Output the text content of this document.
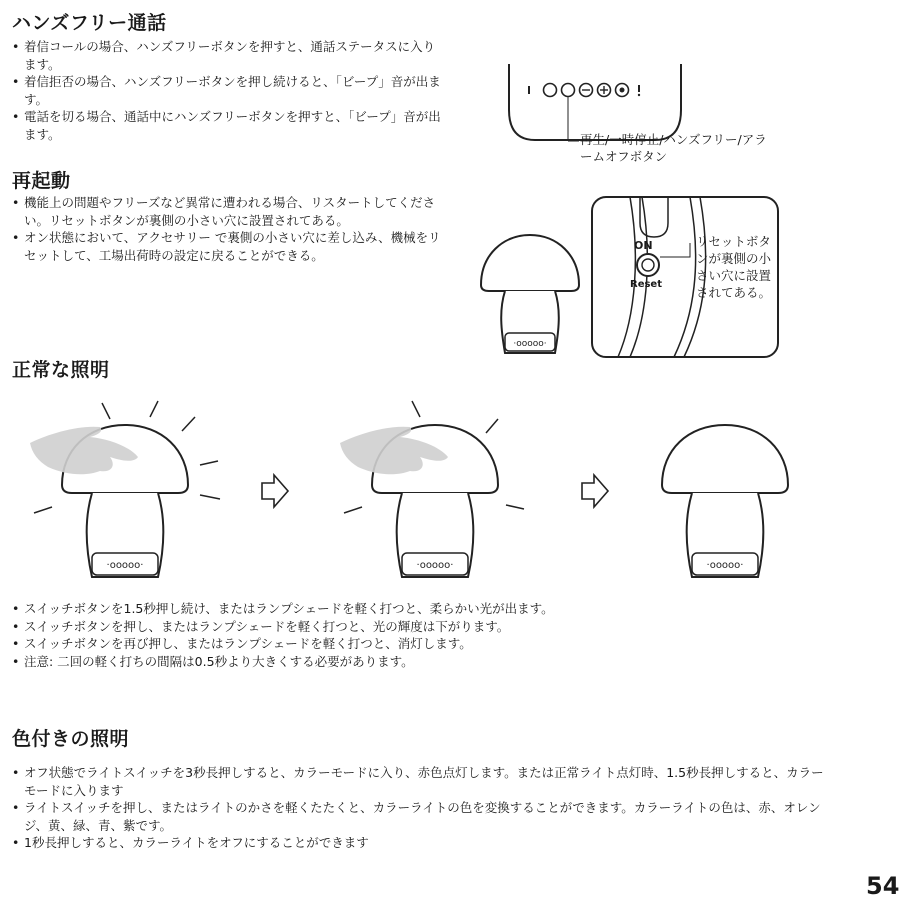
ハンズフリー通話
• 着信コールの場合、ハンズフリーボタンを押すと、通話ステータスに入ります。
• 着信拒否の場合、ハンズフリーボタンを押し続けると、「ビープ」音が出ます。
• 電話を切る場合、通話中にハンズフリーボタンを押すと、「ビープ」音が出ます。	再生/一時停止/ハンズフリー/アラームオフボタン
再起動
• 機能上の問題やフリーズなど異常に遭われる場合、リスタートしてください。リセットボタンが裏側の小さい穴に設置されてある。
• オン状態において、アクセサリー で裏側の小さい穴に差し込み、機械をリセットして、工場出荷時の設定に戻ることができる。
·ooooo·
ON
Reset
リセットボタンが裏側の小さい穴に設置されてある。
正常な照明
·ooooo·	·ooooo·	·ooooo·
• スイッチボタンを1.5秒押し続け、またはランプシェードを軽く打つと、柔らかい光が出ます。
• スイッチボタンを押し、またはランプシェードを軽く打つと、光の輝度は下がります。
• スイッチボタンを再び押し、またはランプシェードを軽く打つと、消灯します。
• 注意: 二回の軽く打ちの間隔は0.5秒より大きくする必要があります。
色付きの照明
• オフ状態でライトスイッチを3秒長押しすると、カラーモードに入り、赤色点灯します。または正常ライト点灯時、1.5秒長押しすると、カラーモードに入ります
• ライトスイッチを押し、またはライトのかさを軽くたたくと、カラーライトの色を変換することができます。カラーライトの色は、赤、オレンジ、黄、緑、青、紫です。
• 1秒長押しすると、カラーライトをオフにすることができます
54
